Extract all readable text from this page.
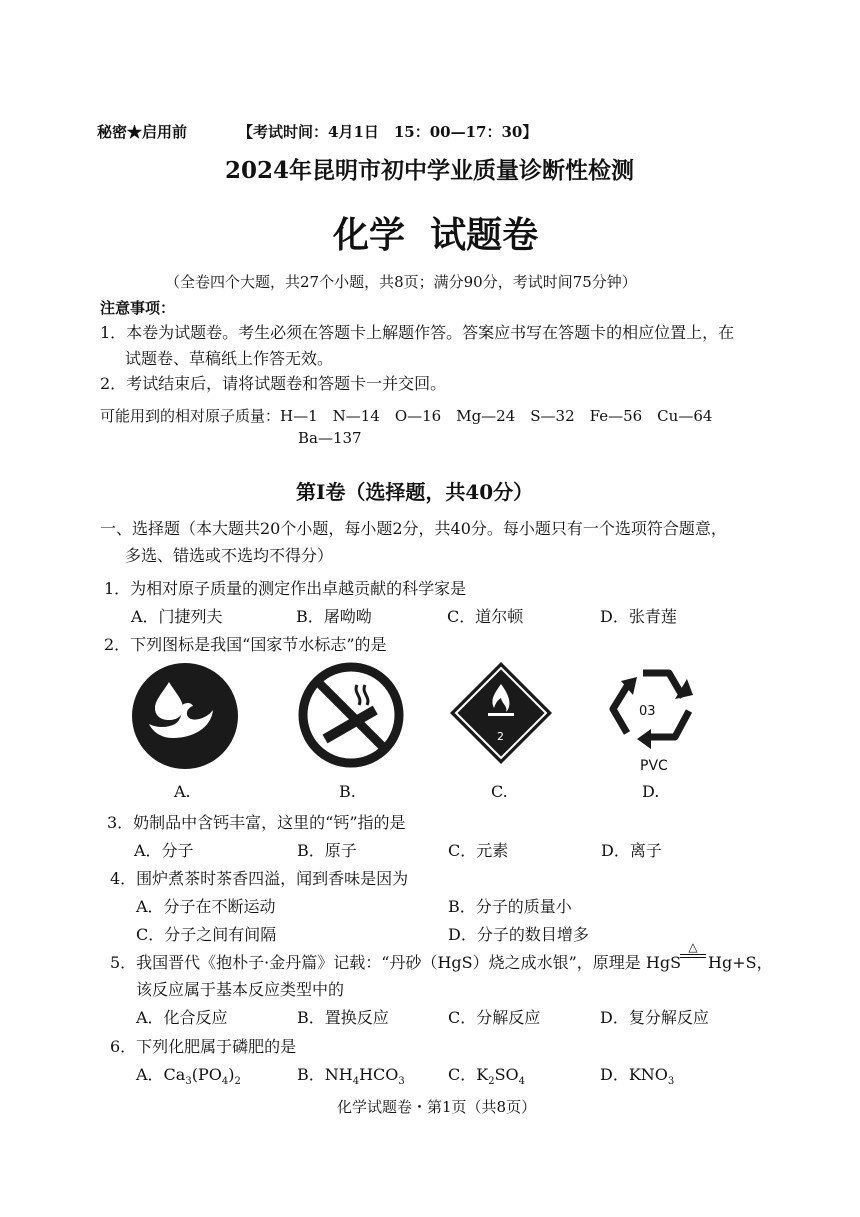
秘密★启用前	【考试时间：4月1日　15：00—17：30】
2024年昆明市初中学业质量诊断性检测
化学  试题卷
（全卷四个大题，共27个小题，共8页；满分90分，考试时间75分钟）
注意事项：
1．本卷为试题卷。考生必须在答题卡上解题作答。答案应书写在答题卡的相应位置上，在
试题卷、草稿纸上作答无效。
2．考试结束后，请将试题卷和答题卡一并交回。
可能用到的相对原子质量：H—1　N—14　O—16　Mg—24　S—32　Fe—56　Cu—64
Ba—137
第Ⅰ卷（选择题，共40分）
一、选择题（本大题共20个小题，每小题2分，共40分。每小题只有一个选项符合题意，
多选、错选或不选均不得分）
1．为相对原子质量的测定作出卓越贡献的科学家是
A．门捷列夫	B．屠呦呦	C．道尔顿	D．张青莲
2．下列图标是我国“国家节水标志”的是
2
03
PVC
A.	B.	C.	D.
3．奶制品中含钙丰富，这里的“钙”指的是
A．分子	B．原子	C．元素	D．离子
4．围炉煮茶时茶香四溢，闻到香味是因为
A．分子在不断运动	B．分子的质量小
C．分子之间有间隔	D．分子的数目增多
5．我国晋代《抱朴子·金丹篇》记载：“丹砂（HgS）烧之成水银”，原理是 HgS
△
Hg+S，
该反应属于基本反应类型中的
A．化合反应	B．置换反应	C．分解反应	D．复分解反应
6．下列化肥属于磷肥的是
A．$Ca_3(PO_4)_2$	B．$NH_4HCO_3$	C．$K_2SO_4$	D．$KNO_3$
化学试题卷・第1页（共8页）
